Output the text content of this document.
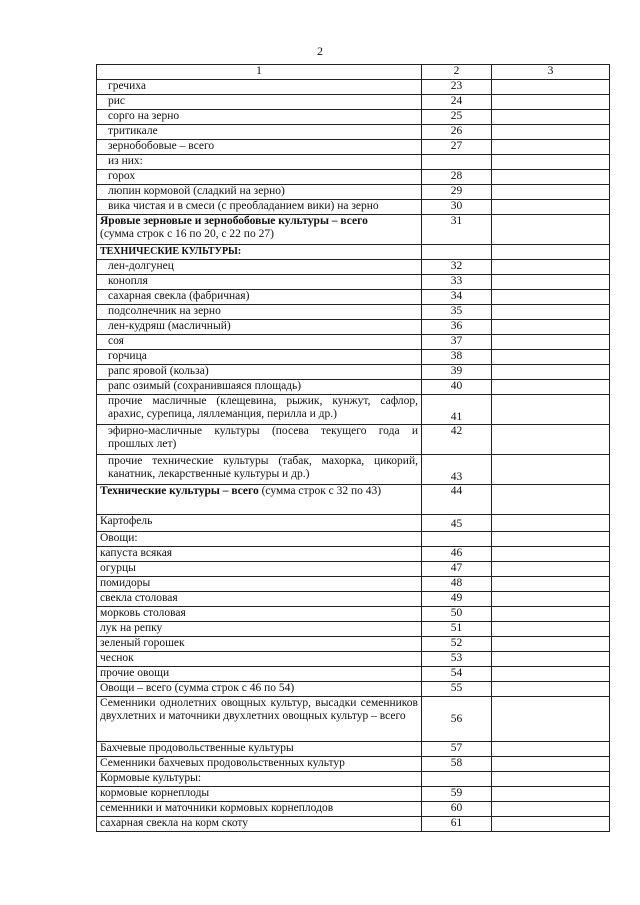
2
1	2	3
гречиха	23	
рис	24	
сорго на зерно	25	
тритикале	26	
зернобобовые – всего	27	
из них:		
горох	28	
люпин кормовой (сладкий на зерно)	29	
вика чистая и в смеси (с преобладанием вики) на зерно	30	
Яровые зерновые и зернобобовые культуры – всего
(сумма строк с 16 по 20, с 22 по 27)	31	
ТЕХНИЧЕСКИЕ КУЛЬТУРЫ:		
лен-долгунец	32	
конопля	33	
сахарная свекла (фабричная)	34	
подсолнечник на зерно	35	
лен-кудряш (масличный)	36	
соя	37	
горчица	38	
рапс яровой (кольза)	39	
рапс озимый (сохранившаяся площадь)	40	
прочие масличные (клещевина, рыжик, кунжут, сафлор, арахис, сурепица, ляллеманция, перилла и др.)	41	
эфирно-масличные культуры (посева текущего года и прошлых лет)	42	
прочие технические культуры (табак, махорка, цикорий, канатник, лекарственные культуры и др.)	43	
Технические культуры – всего (сумма строк с 32 по 43)	44	
Картофель	45	
Овощи:		
капуста всякая	46	
огурцы	47	
помидоры	48	
свекла столовая	49	
морковь столовая	50	
лук на репку	51	
зеленый горошек	52	
чеснок	53	
прочие овощи	54	
Овощи – всего (сумма строк с 46 по 54)	55	
Семенники однолетних овощных культур, высадки семенников двухлетних и маточники двухлетних овощных культур – всего	56	
Бахчевые продовольственные культуры	57	
Семенники бахчевых продовольственных культур	58	
Кормовые культуры:		
кормовые корнеплоды	59	
семенники и маточники кормовых корнеплодов	60	
сахарная свекла на корм скоту	61	
